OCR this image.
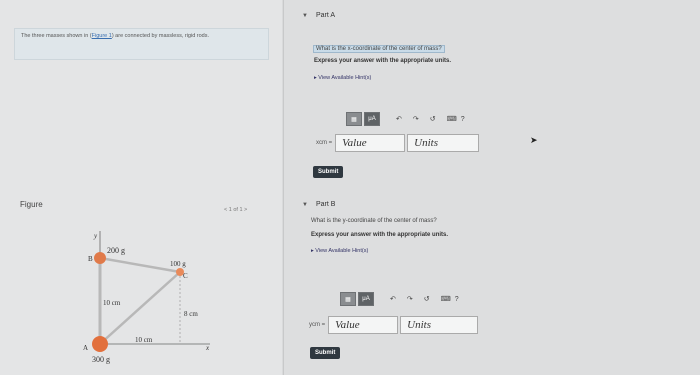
The three masses shown in (Figure 1) are connected by massless, rigid rods.
Figure
< 1 of 1 >
200 g
B
100 g
C
A
300 g
10 cm
10 cm
8 cm
y
x
▼ Part A
What is the x-coordinate of the center of mass?
Express your answer with the appropriate units.
▸ View Available Hint(s)
▦	μA	↶ ↷ ↺ ⌨ ?
xcm = Value	Units
Submit
▼ Part B
What is the y-coordinate of the center of mass?
Express your answer with the appropriate units.
▸ View Available Hint(s)
▦	μA	↶ ↷ ↺ ⌨ ?
ycm = Value	Units
Submit
➤
